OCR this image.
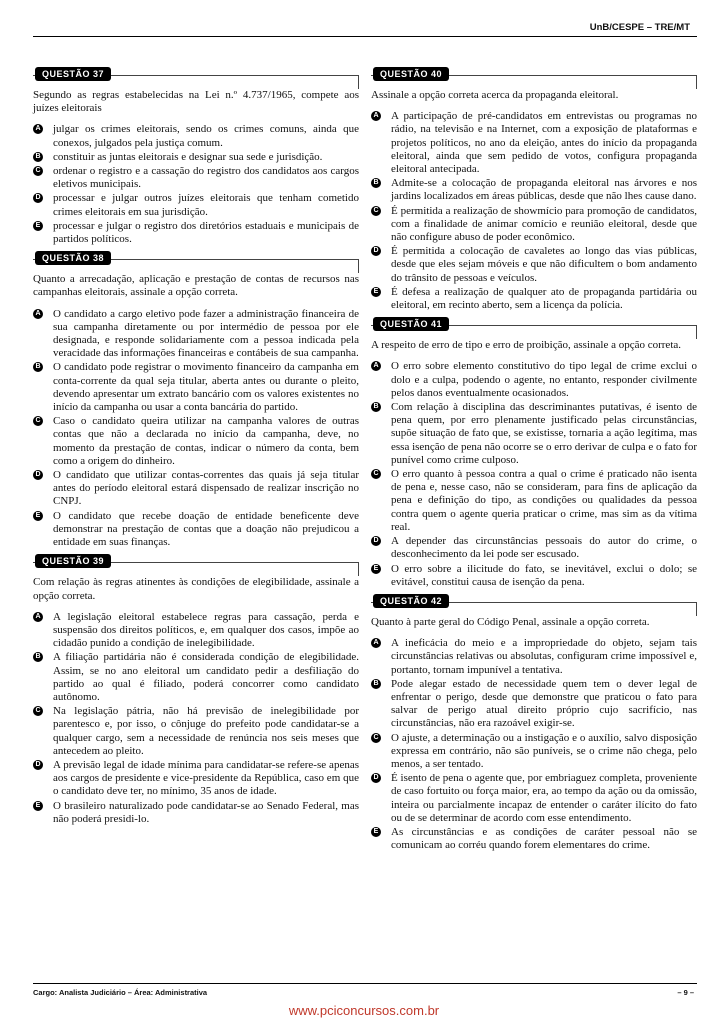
UnB/CESPE – TRE/MT
QUESTÃO 37
Segundo as regras estabelecidas na Lei n.º 4.737/1965, compete aos juízes eleitorais
A julgar os crimes eleitorais, sendo os crimes comuns, ainda que conexos, julgados pela justiça comum.
B constituir as juntas eleitorais e designar sua sede e jurisdição.
C ordenar o registro e a cassação do registro dos candidatos aos cargos eletivos municipais.
D processar e julgar outros juízes eleitorais que tenham cometido crimes eleitorais em sua jurisdição.
E processar e julgar o registro dos diretórios estaduais e municipais de partidos políticos.
QUESTÃO 38
Quanto a arrecadação, aplicação e prestação de contas de recursos nas campanhas eleitorais, assinale a opção correta.
A O candidato a cargo eletivo pode fazer a administração financeira de sua campanha diretamente ou por intermédio de pessoa por ele designada, e responde solidariamente com a pessoa indicada pela veracidade das informações financeiras e contábeis de sua campanha.
B O candidato pode registrar o movimento financeiro da campanha em conta-corrente da qual seja titular, aberta antes ou durante o pleito, devendo apresentar um extrato bancário com os valores existentes no início da campanha ou usar a conta bancária do partido.
C Caso o candidato queira utilizar na campanha valores de outras contas que não a declarada no início da campanha, deve, no momento da prestação de contas, indicar o número da conta, bem como a origem do dinheiro.
D O candidato que utilizar contas-correntes das quais já seja titular antes do período eleitoral estará dispensado de realizar inscrição no CNPJ.
E O candidato que recebe doação de entidade beneficente deve demonstrar na prestação de contas que a doação não prejudicou a entidade em suas finanças.
QUESTÃO 39
Com relação às regras atinentes às condições de elegibilidade, assinale a opção correta.
A A legislação eleitoral estabelece regras para cassação, perda e suspensão dos direitos políticos, e, em qualquer dos casos, impõe ao cidadão punido a condição de inelegibilidade.
B A filiação partidária não é considerada condição de elegibilidade. Assim, se no ano eleitoral um candidato pedir a desfiliação do partido ao qual é filiado, poderá concorrer como candidato autônomo.
C Na legislação pátria, não há previsão de inelegibilidade por parentesco e, por isso, o cônjuge do prefeito pode candidatar-se a qualquer cargo, sem a necessidade de renúncia nos seis meses que antecedem ao pleito.
D A previsão legal de idade mínima para candidatar-se refere-se apenas aos cargos de presidente e vice-presidente da República, caso em que o candidato deve ter, no mínimo, 35 anos de idade.
E O brasileiro naturalizado pode candidatar-se ao Senado Federal, mas não poderá presidi-lo.
QUESTÃO 40
Assinale a opção correta acerca da propaganda eleitoral.
A A participação de pré-candidatos em entrevistas ou programas no rádio, na televisão e na Internet, com a exposição de plataformas e projetos políticos, no ano da eleição, antes do início da propaganda eleitoral, ainda que sem pedido de votos, configura propaganda eleitoral antecipada.
B Admite-se a colocação de propaganda eleitoral nas árvores e nos jardins localizados em áreas públicas, desde que não lhes cause dano.
C É permitida a realização de showmício para promoção de candidatos, com a finalidade de animar comício e reunião eleitoral, desde que não configure abuso de poder econômico.
D É permitida a colocação de cavaletes ao longo das vias públicas, desde que eles sejam móveis e que não dificultem o bom andamento do trânsito de pessoas e veículos.
E É defesa a realização de qualquer ato de propaganda partidária ou eleitoral, em recinto aberto, sem a licença da polícia.
QUESTÃO 41
A respeito de erro de tipo e erro de proibição, assinale a opção correta.
A O erro sobre elemento constitutivo do tipo legal de crime exclui o dolo e a culpa, podendo o agente, no entanto, responder civilmente pelos danos eventualmente ocasionados.
B Com relação à disciplina das descriminantes putativas, é isento de pena quem, por erro plenamente justificado pelas circunstâncias, supõe situação de fato que, se existisse, tornaria a ação legítima, mas essa isenção de pena não ocorre se o erro derivar de culpa e o fato for punível como crime culposo.
C O erro quanto à pessoa contra a qual o crime é praticado não isenta de pena e, nesse caso, não se consideram, para fins de aplicação da pena e definição do tipo, as condições ou qualidades da pessoa contra quem o agente queria praticar o crime, mas sim as da vítima real.
D A depender das circunstâncias pessoais do autor do crime, o desconhecimento da lei pode ser escusado.
E O erro sobre a ilicitude do fato, se inevitável, exclui o dolo; se evitável, constitui causa de isenção da pena.
QUESTÃO 42
Quanto à parte geral do Código Penal, assinale a opção correta.
A A ineficácia do meio e a impropriedade do objeto, sejam tais circunstâncias relativas ou absolutas, configuram crime impossível e, portanto, tornam impunível a tentativa.
B Pode alegar estado de necessidade quem tem o dever legal de enfrentar o perigo, desde que demonstre que praticou o fato para salvar de perigo atual direito próprio cujo sacrifício, nas circunstâncias, não era razoável exigir-se.
C O ajuste, a determinação ou a instigação e o auxílio, salvo disposição expressa em contrário, não são puníveis, se o crime não chega, pelo menos, a ser tentado.
D É isento de pena o agente que, por embriaguez completa, proveniente de caso fortuito ou força maior, era, ao tempo da ação ou da omissão, inteira ou parcialmente incapaz de entender o caráter ilícito do fato ou de se determinar de acordo com esse entendimento.
E As circunstâncias e as condições de caráter pessoal não se comunicam ao corréu quando forem elementares do crime.
Cargo: Analista Judiciário – Área: Administrativa	– 9 –
www.pciconcursos.com.br
